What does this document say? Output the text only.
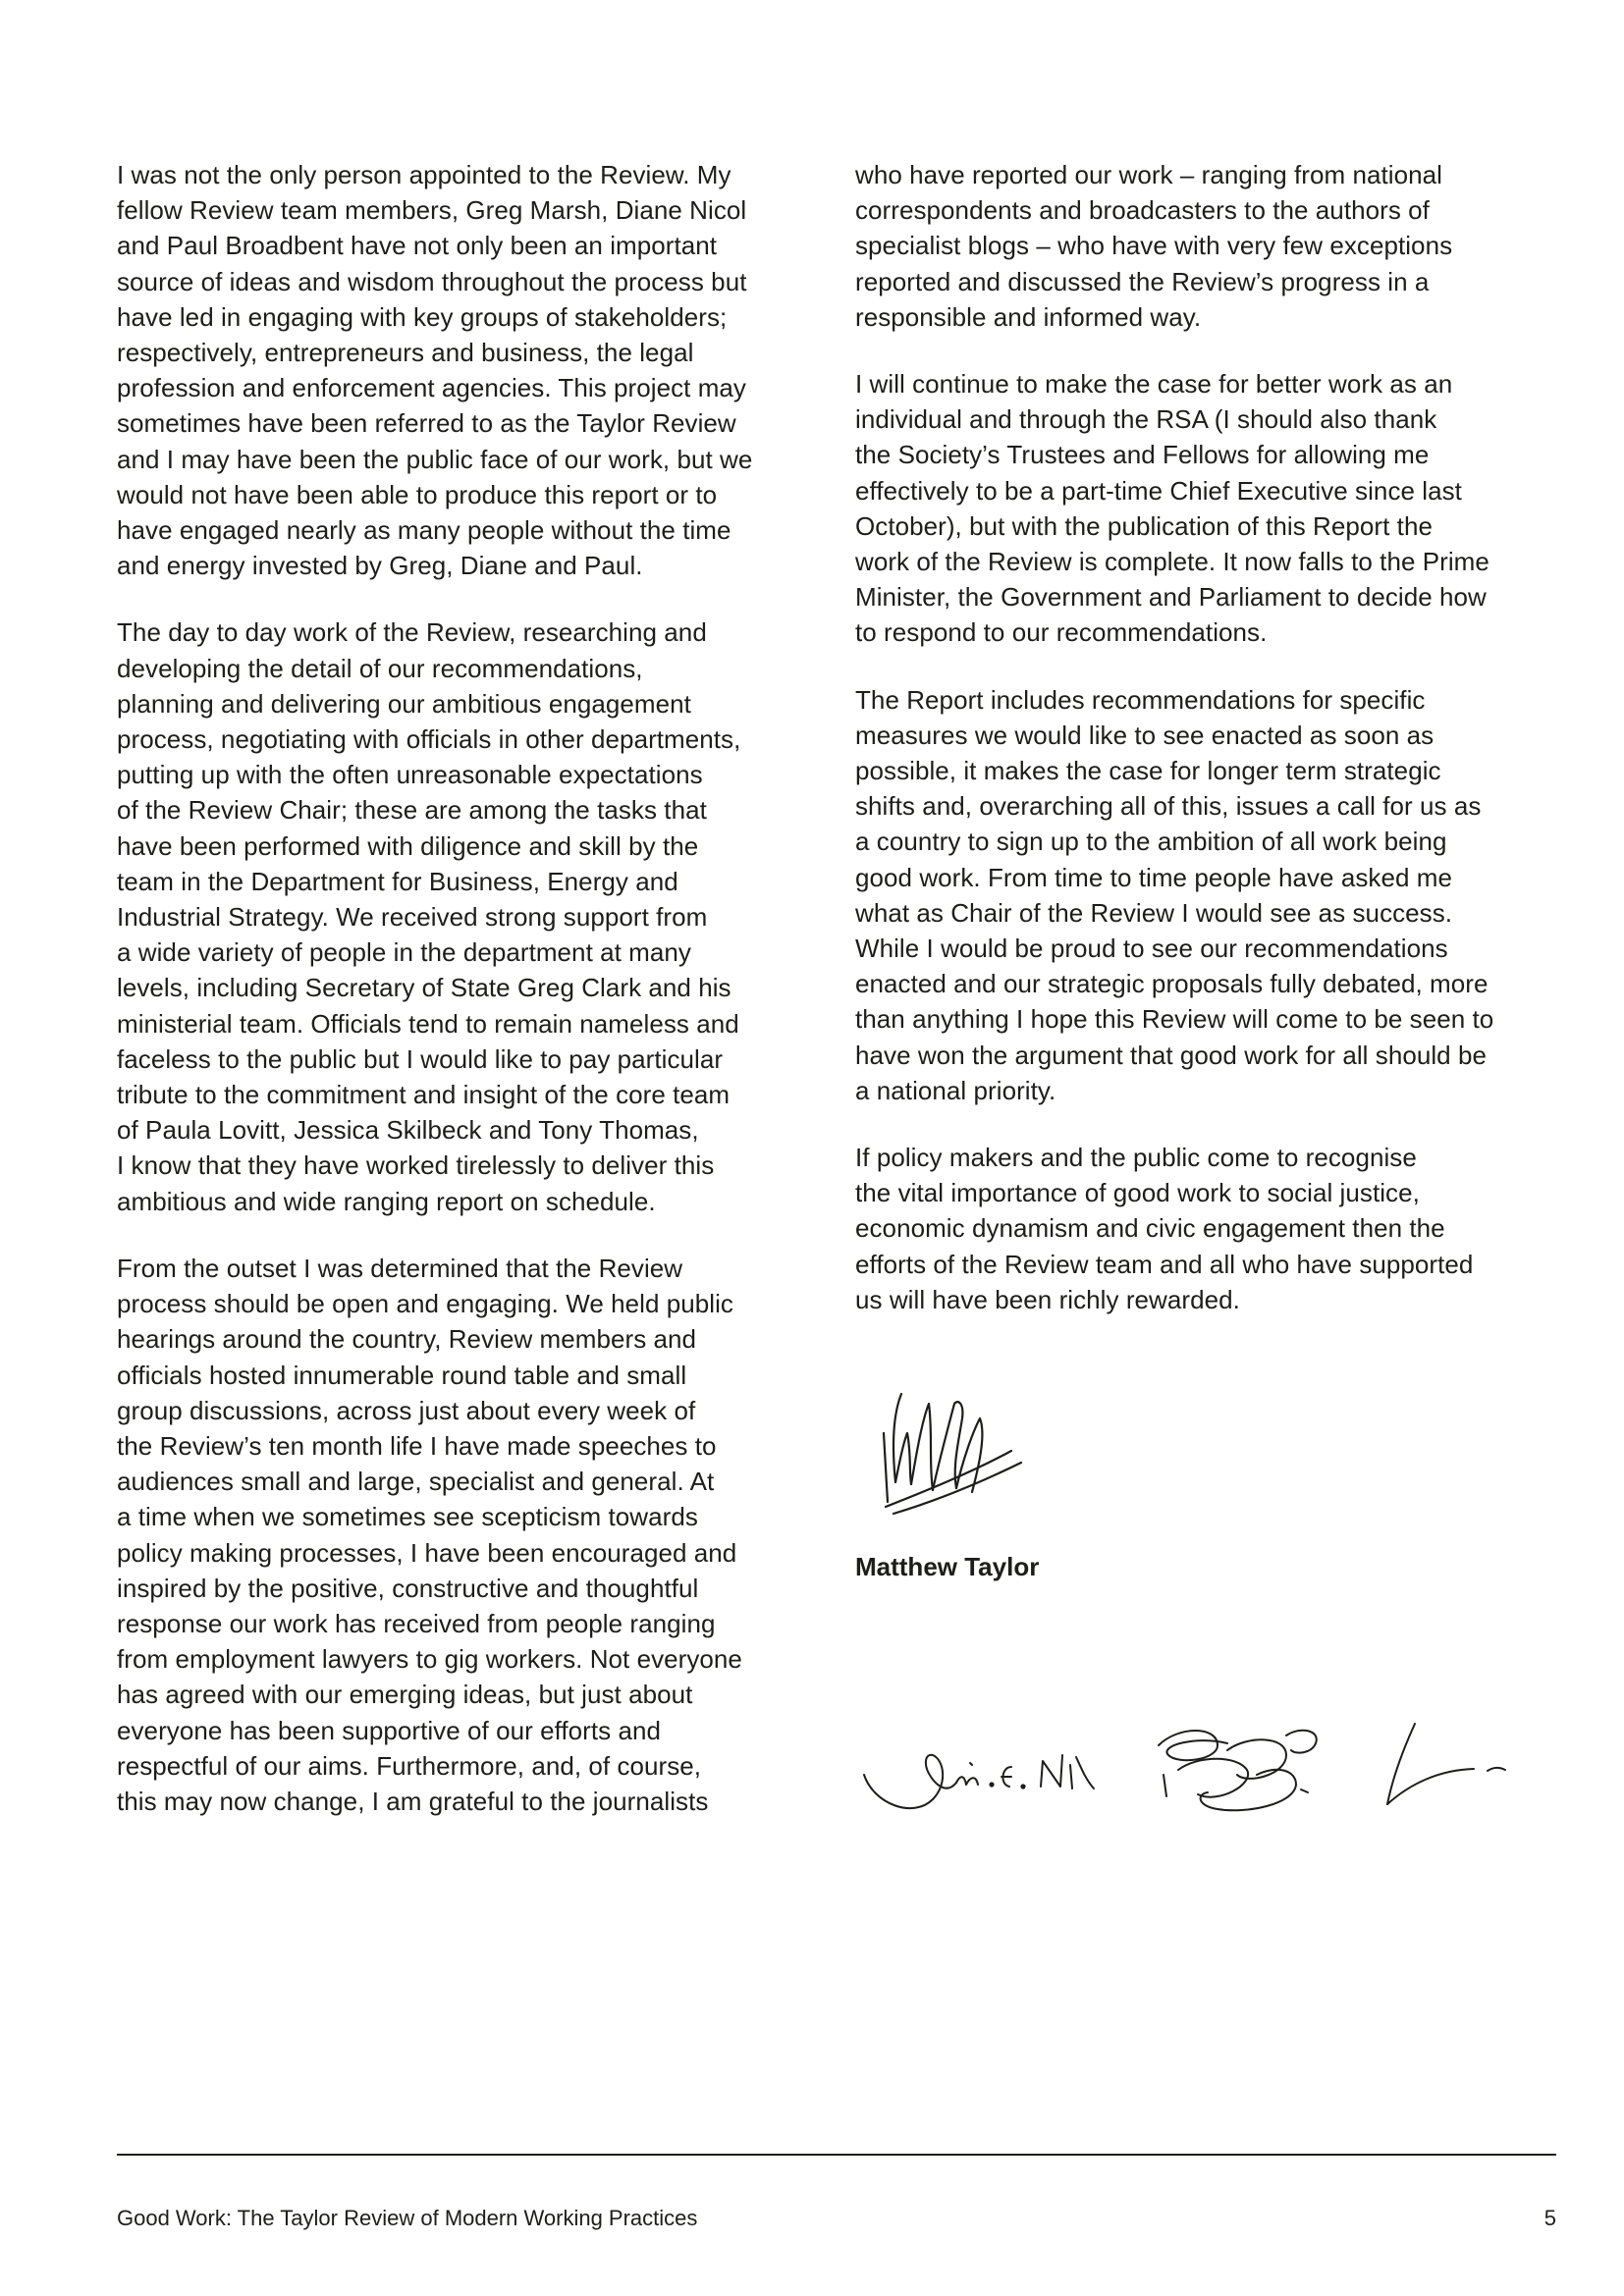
I was not the only person appointed to the Review. My
fellow Review team members, Greg Marsh, Diane Nicol
and Paul Broadbent have not only been an important
source of ideas and wisdom throughout the process but
have led in engaging with key groups of stakeholders;
respectively, entrepreneurs and business, the legal
profession and enforcement agencies. This project may
sometimes have been referred to as the Taylor Review
and I may have been the public face of our work, but we
would not have been able to produce this report or to
have engaged nearly as many people without the time
and energy invested by Greg, Diane and Paul.

The day to day work of the Review, researching and
developing the detail of our recommendations,
planning and delivering our ambitious engagement
process, negotiating with officials in other departments,
putting up with the often unreasonable expectations
of the Review Chair; these are among the tasks that
have been performed with diligence and skill by the
team in the Department for Business, Energy and
Industrial Strategy. We received strong support from
a wide variety of people in the department at many
levels, including Secretary of State Greg Clark and his
ministerial team. Officials tend to remain nameless and
faceless to the public but I would like to pay particular
tribute to the commitment and insight of the core team
of Paula Lovitt, Jessica Skilbeck and Tony Thomas,
I know that they have worked tirelessly to deliver this
ambitious and wide ranging report on schedule.

From the outset I was determined that the Review
process should be open and engaging. We held public
hearings around the country, Review members and
officials hosted innumerable round table and small
group discussions, across just about every week of
the Review’s ten month life I have made speeches to
audiences small and large, specialist and general. At
a time when we sometimes see scepticism towards
policy making processes, I have been encouraged and
inspired by the positive, constructive and thoughtful
response our work has received from people ranging
from employment lawyers to gig workers. Not everyone
has agreed with our emerging ideas, but just about
everyone has been supportive of our efforts and
respectful of our aims. Furthermore, and, of course,
this may now change, I am grateful to the journalists

who have reported our work – ranging from national
correspondents and broadcasters to the authors of
specialist blogs – who have with very few exceptions
reported and discussed the Review’s progress in a
responsible and informed way.

I will continue to make the case for better work as an
individual and through the RSA (I should also thank
the Society’s Trustees and Fellows for allowing me
effectively to be a part-time Chief Executive since last
October), but with the publication of this Report the
work of the Review is complete. It now falls to the Prime
Minister, the Government and Parliament to decide how
to respond to our recommendations.

The Report includes recommendations for specific
measures we would like to see enacted as soon as
possible, it makes the case for longer term strategic
shifts and, overarching all of this, issues a call for us as
a country to sign up to the ambition of all work being
good work. From time to time people have asked me
what as Chair of the Review I would see as success.
While I would be proud to see our recommendations
enacted and our strategic proposals fully debated, more
than anything I hope this Review will come to be seen to
have won the argument that good work for all should be
a national priority.

If policy makers and the public come to recognise
the vital importance of good work to social justice,
economic dynamism and civic engagement then the
efforts of the Review team and all who have supported
us will have been richly rewarded.

Matthew Taylor
Good Work: The Taylor Review of Modern Working Practices	5
